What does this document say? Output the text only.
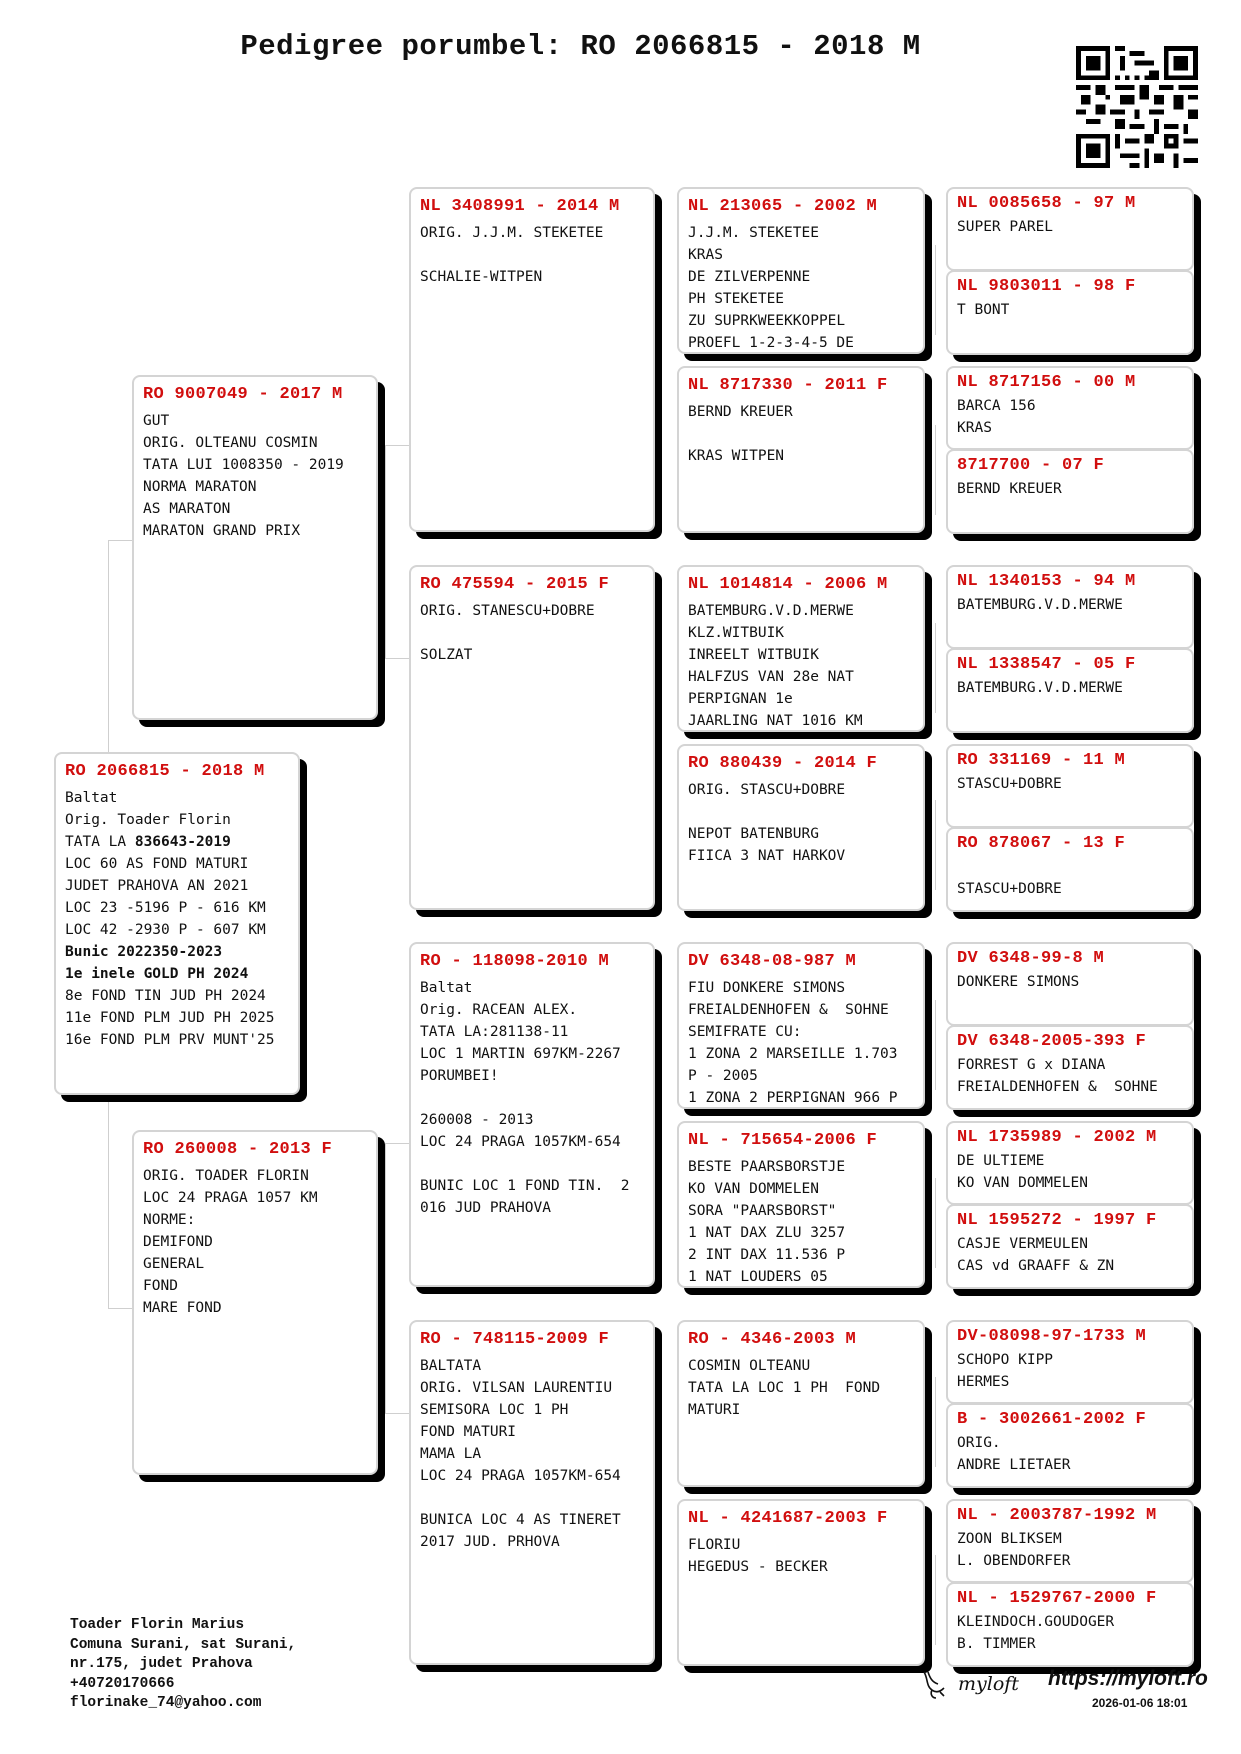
Pedigree porumbel: RO 2066815 - 2018 M
RO 2066815 - 2018 M
Baltat
Orig. Toader Florin
TATA LA 836643-2019
LOC 60 AS FOND MATURI
JUDET PRAHOVA AN 2021
LOC 23 -5196 P - 616 KM
LOC 42 -2930 P - 607 KM
Bunic 2022350-2023
1e inele GOLD PH 2024
8e FOND TIN JUD PH 2024
11e FOND PLM JUD PH 2025
16e FOND PLM PRV MUNT'25
RO 9007049 - 2017 M
GUT
ORIG. OLTEANU COSMIN
TATA LUI 1008350 - 2019
NORMA MARATON
AS MARATON
MARATON GRAND PRIX
RO 260008 - 2013 F
ORIG. TOADER FLORIN
LOC 24 PRAGA 1057 KM
NORME:
DEMIFOND
GENERAL
FOND
MARE FOND
NL 3408991 - 2014 M
ORIG. J.J.M. STEKETEE

SCHALIE-WITPEN
RO 475594 - 2015 F
ORIG. STANESCU+DOBRE

SOLZAT
RO - 118098-2010 M
Baltat
Orig. RACEAN ALEX.
TATA LA:281138-11
LOC 1 MARTIN 697KM-2267
PORUMBEI!

260008 - 2013
LOC 24 PRAGA 1057KM-654

BUNIC LOC 1 FOND TIN.  2
016 JUD PRAHOVA
RO - 748115-2009 F
BALTATA
ORIG. VILSAN LAURENTIU
SEMISORA LOC 1 PH
FOND MATURI
MAMA LA
LOC 24 PRAGA 1057KM-654

BUNICA LOC 4 AS TINERET
2017 JUD. PRHOVA
NL 213065 - 2002 M
J.J.M. STEKETEE
KRAS
DE ZILVERPENNE
PH STEKETEE
ZU SUPRKWEEKKOPPEL
PROEFL 1-2-3-4-5 DE
NL 8717330 - 2011 F
BERND KREUER

KRAS WITPEN
NL 1014814 - 2006 M
BATEMBURG.V.D.MERWE
KLZ.WITBUIK
INREELT WITBUIK
HALFZUS VAN 28e NAT
PERPIGNAN 1e
JAARLING NAT 1016 KM
RO 880439 - 2014 F
ORIG. STASCU+DOBRE

NEPOT BATENBURG
FIICA 3 NAT HARKOV
DV 6348-08-987 M
FIU DONKERE SIMONS
FREIALDENHOFEN &  SOHNE
SEMIFRATE CU:
1 ZONA 2 MARSEILLE 1.703
P - 2005
1 ZONA 2 PERPIGNAN 966 P
NL - 715654-2006 F
BESTE PAARSBORSTJE
KO VAN DOMMELEN
SORA "PAARSBORST"
1 NAT DAX ZLU 3257
2 INT DAX 11.536 P
1 NAT LOUDERS 05
RO - 4346-2003 M
COSMIN OLTEANU
TATA LA LOC 1 PH  FOND
MATURI
NL - 4241687-2003 F
FLORIU
HEGEDUS - BECKER
NL 0085658 - 97 M
SUPER PAREL
NL 9803011 - 98 F
T BONT
NL 8717156 - 00 M
BARCA 156
KRAS
8717700 - 07 F
BERND KREUER
NL 1340153 - 94 M
BATEMBURG.V.D.MERWE
NL 1338547 - 05 F
BATEMBURG.V.D.MERWE
RO 331169 - 11 M
STASCU+DOBRE
RO 878067 - 13 F

STASCU+DOBRE
DV 6348-99-8 M
DONKERE SIMONS
DV 6348-2005-393 F
FORREST G x DIANA
FREIALDENHOFEN &  SOHNE
NL 1735989 - 2002 M
DE ULTIEME
KO VAN DOMMELEN
NL 1595272 - 1997 F
CASJE VERMEULEN
CAS vd GRAAFF & ZN
DV-08098-97-1733 M
SCHOPO KIPP
HERMES
B - 3002661-2002 F
ORIG.
ANDRE LIETAER
NL - 2003787-1992 M
ZOON BLIKSEM
L. OBENDORFER
NL - 1529767-2000 F
KLEINDOCH.GOUDOGER
B. TIMMER
Toader Florin Marius
Comuna Surani, sat Surani,
nr.175, judet Prahova
+40720170666
florinake_74@yahoo.com
myloft https://myloft.ro
2026-01-06 18:01
